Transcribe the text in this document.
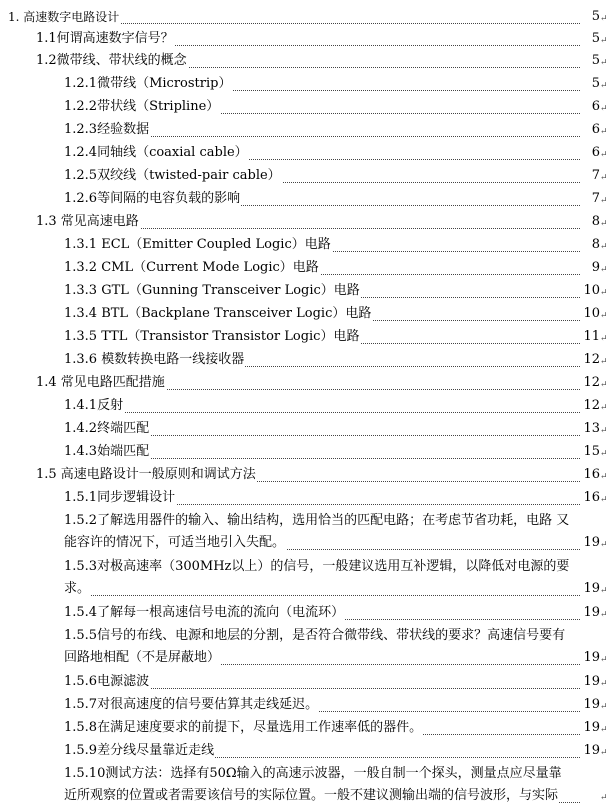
1. 高速数字电路设计	5 ↵
1.1何谓高速数字信号？	5 ↵
1.2微带线、带状线的概念	5 ↵
1.2.1微带线（Microstrip）	5 ↵
1.2.2带状线（Stripline）	6 ↵
1.2.3经验数据	6 ↵
1.2.4同轴线（coaxial cable）	6 ↵
1.2.5双绞线（twisted-pair cable）	7 ↵
1.2.6等间隔的电容负载的影响	7 ↵
1.3 常见高速电路	8 ↵
1.3.1 ECL（Emitter Coupled Logic）电路	8 ↵
1.3.2 CML（Current Mode Logic）电路	9 ↵
1.3.3 GTL（Gunning Transceiver Logic）电路	10 ↵
1.3.4 BTL（Backplane Transceiver Logic）电路	10 ↵
1.3.5 TTL（Transistor Transistor Logic）电路	11 ↵
1.3.6 模数转换电路一线接收器	12 ↵
1.4 常见电路匹配措施	12 ↵
1.4.1反射	12 ↵
1.4.2终端匹配	13 ↵
1.4.3始端匹配	15 ↵
1.5 高速电路设计一般原则和调试方法	16 ↵
1.5.1同步逻辑设计	16 ↵
1.5.2了解选用器件的输入、输出结构，选用恰当的匹配电路；在考虑节省功耗，电路 又
能容许的情况下，可适当地引入失配。	19 ↵
1.5.3对极高速率（300MHz以上）的信号，一般建议选用互补逻辑，以降低对电源的要
求。	19 ↵
1.5.4了解每一根高速信号电流的流向（电流环）	19 ↵
1.5.5信号的布线、电源和地层的分割，是否符合微带线、带状线的要求？高速信号要有
回路地相配（不是屏蔽地）	19 ↵
1.5.6电源滤波	19 ↵
1.5.7对很高速度的信号要估算其走线延迟。	19 ↵
1.5.8在满足速度要求的前提下，尽量选用工作速率低的器件。	19 ↵
1.5.9差分线尽量靠近走线	19 ↵
1.5.10测试方法：选择有50Ω输入的高速示波器，一般自制一个探头，测量点应尽量靠
近所观察的位置或者需要该信号的实际位置。一般不建议测输出端的信号波形，与实际	↵
